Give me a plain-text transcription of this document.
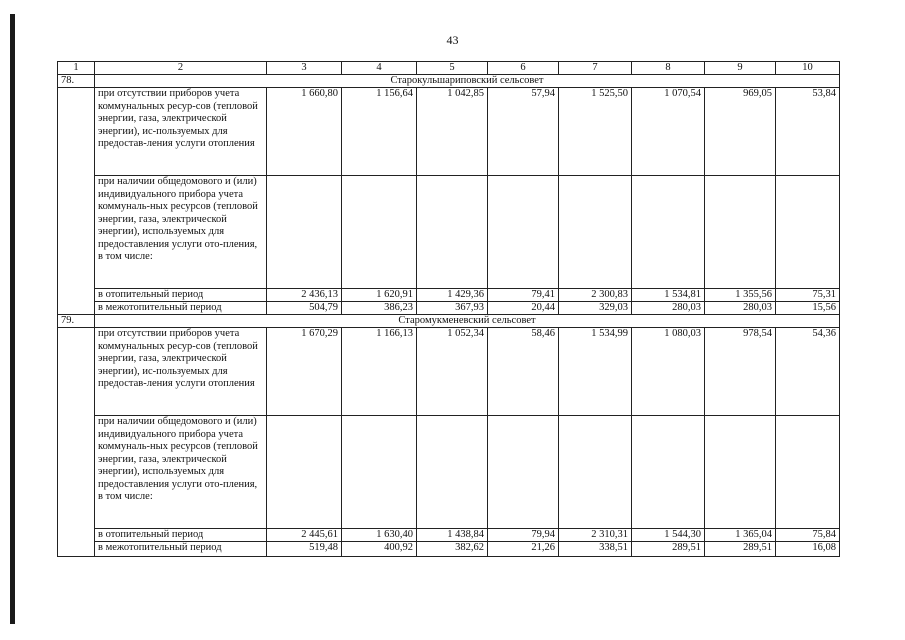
43
1	2	3	4	5	6	7	8	9	10
78.	Старокульшариповский сельсовет								
	при отсутствии приборов учета коммунальных ресур-сов (тепловой энергии, газа, электрической энергии), ис-пользуемых для предостав-ления услуги отопления	1 660,80	1 156,64	1 042,85	57,94	1 525,50	1 070,54	969,05	53,84
	при наличии общедомового и (или) индивидуального прибора учета коммуналь-ных ресурсов (тепловой энергии, газа, электрической энергии), используемых для предоставления услуги ото-пления, в том числе:								
	в отопительный период	2 436,13	1 620,91	1 429,36	79,41	2 300,83	1 534,81	1 355,56	75,31
	в межотопительный период	504,79	386,23	367,93	20,44	329,03	280,03	280,03	15,56
79.	Старомукменевский сельсовет								
	при отсутствии приборов учета коммунальных ресур-сов (тепловой энергии, газа, электрической энергии), ис-пользуемых для предостав-ления услуги отопления	1 670,29	1 166,13	1 052,34	58,46	1 534,99	1 080,03	978,54	54,36
	при наличии общедомового и (или) индивидуального прибора учета коммуналь-ных ресурсов (тепловой энергии, газа, электрической энергии), используемых для предоставления услуги ото-пления, в том числе:								
	в отопительный период	2 445,61	1 630,40	1 438,84	79,94	2 310,31	1 544,30	1 365,04	75,84
	в межотопительный период	519,48	400,92	382,62	21,26	338,51	289,51	289,51	16,08
